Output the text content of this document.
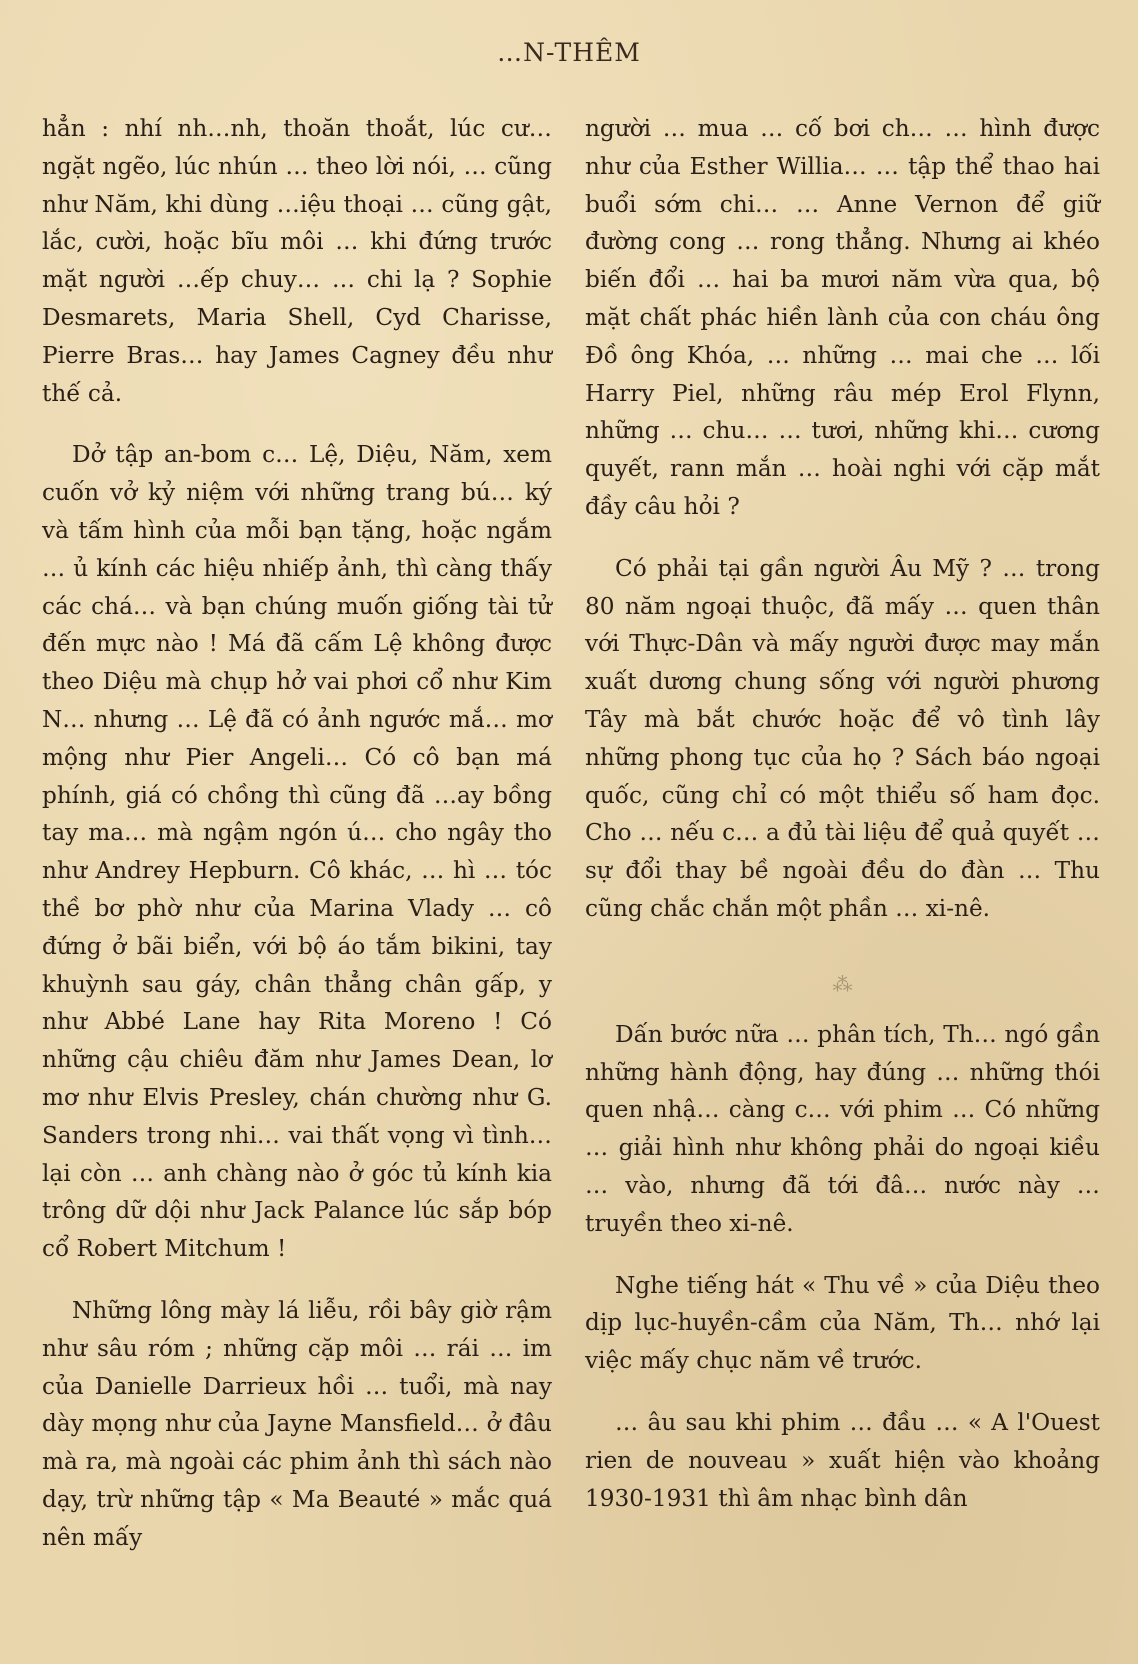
…N-THÊM

hẳn : nhí nh…nh, thoăn thoắt, lúc cư… ngặt ngẽo, lúc nhún … theo lời nói, … cũng như Năm, khi dùng …iệu thoại … cũng gật, lắc, cười, hoặc bĩu môi … khi đứng trước mặt người …ếp chuy… … chi lạ ? Sophie Desmarets, Maria Shell, Cyd Charisse, Pierre Bras… hay James Cagney đều như thế cả.

Dở tập an-bom c… Lệ, Diệu, Năm, xem cuốn vở kỷ niệm với những trang bú… ký và tấm hình của mỗi bạn tặng, hoặc ngắm … ủ kính các hiệu nhiếp ảnh, thì càng thấy các chá… và bạn chúng muốn giống tài tử đến mực nào ! Má đã cấm Lệ không được theo Diệu mà chụp hở vai phơi cổ như Kim N… nhưng … Lệ đã có ảnh ngước mắ… mơ mộng như Pier Angeli… Có cô bạn má phính, giá có chồng thì cũng đã …ay bồng tay ma… mà ngậm ngón ú… cho ngây tho như Andrey Hepburn. Cô khác, … hì … tóc thề bơ phờ như của Marina Vlady … cô đứng ở bãi biển, với bộ áo tắm bikini, tay khuỳnh sau gáy, chân thẳng chân gấp, y như Abbé Lane hay Rita Moreno ! Có những cậu chiêu đăm như James Dean, lơ mơ như Elvis Presley, chán chường như G. Sanders trong nhi… vai thất vọng vì tình… lại còn … anh chàng nào ở góc tủ kính kia trông dữ dội như Jack Palance lúc sắp bóp cổ Robert Mitchum !

Những lông mày lá liễu, rồi bây giờ rậm như sâu róm ; những cặp môi … rái … im của Danielle Darrieux hồi … tuổi, mà nay dày mọng như của Jayne Mansfield… ở đâu mà ra, mà ngoài các phim ảnh thì sách nào dạy, trừ những tập « Ma Beauté » mắc quá nên mấy

người … mua … cố bơi ch… … hình được như của Esther Willia… … tập thể thao hai buổi sớm chi… … Anne Vernon để giữ đường cong … rong thẳng. Nhưng ai khéo biến đổi … hai ba mươi năm vừa qua, bộ mặt chất phác hiền lành của con cháu ông Đồ ông Khóa, … những … mai che … lối Harry Piel, những râu mép Erol Flynn, những … chu… … tươi, những khi… cương quyết, rann mắn … hoài nghi với cặp mắt đầy câu hỏi ?

Có phải tại gần người Âu Mỹ ? … trong 80 năm ngoại thuộc, đã mấy … quen thân với Thực-Dân và mấy người được may mắn xuất dương chung sống với người phương Tây mà bắt chước hoặc để vô tình lây những phong tục của họ ? Sách báo ngoại quốc, cũng chỉ có một thiểu số ham đọc. Cho … nếu c… a đủ tài liệu để quả quyết … sự đổi thay bề ngoài đều do đàn … Thu cũng chắc chắn một phần … xi-nê.

⁂

Dấn bước nữa … phân tích, Th… ngó gần những hành động, hay đúng … những thói quen nhậ… càng c… với phim … Có những … giải hình như không phải do ngoại kiều … vào, nhưng đã tới đâ… nước này … truyền theo xi-nê.

Nghe tiếng hát « Thu về » của Diệu theo dịp lục-huyền-cầm của Năm, Th… nhớ lại việc mấy chục năm về trước.

… âu sau khi phim … đầu … « A l'Ouest rien de nouveau » xuất hiện vào khoảng 1930-1931 thì âm nhạc bình dân
